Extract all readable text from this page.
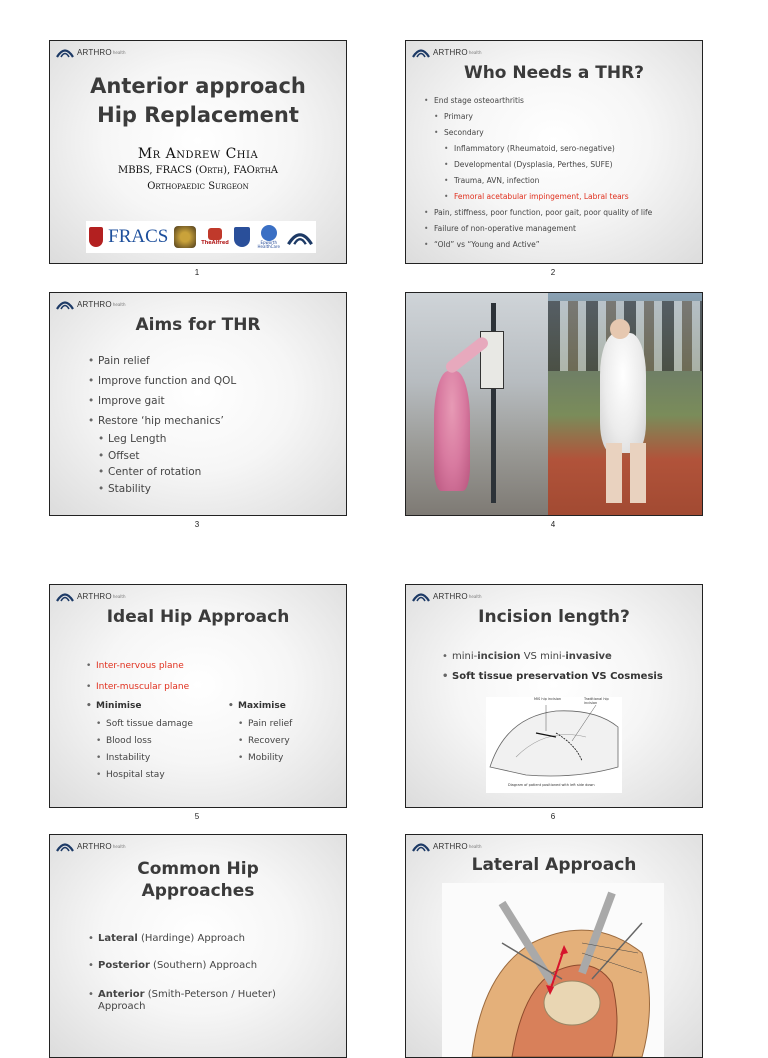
ARTHRO health
Anterior approach
Hip Replacement
Mr Andrew Chia
MBBS, FRACS (Orth), FAOrthA
Orthopaedic Surgeon
FRACS	TheAlfred	Epworth HealthCare
1
ARTHRO health
Who Needs a THR?
• End stage osteoarthritis
• Primary
• Secondary
• Inflammatory (Rheumatoid, sero-negative)
• Developmental (Dysplasia, Perthes, SUFE)
• Trauma, AVN, infection
• Femoral acetabular impingement, Labral tears
• Pain, stiffness, poor function, poor gait, poor quality of life
• Failure of non-operative management
• “Old” vs “Young and Active”
2
ARTHRO health
Aims for THR
• Pain relief
• Improve function and QOL
• Improve gait
• Restore ‘hip mechanics’
• Leg Length
• Offset
• Center of rotation
• Stability
3	4
ARTHRO health
Ideal Hip Approach
• Inter-nervous plane
• Inter-muscular plane
• Minimise
• Soft tissue damage
• Blood loss
• Instability
• Hospital stay
• Maximise
• Pain relief
• Recovery
• Mobility
5
ARTHRO health
Incision length?
• mini-incision VS mini-invasive
• Soft tissue preservation VS Cosmesis
MIS hip incision	Traditional hip incision
Diagram of patient positioned with left side down
6
ARTHRO health
Common Hip
Approaches
• Lateral (Hardinge) Approach
• Posterior (Southern) Approach
• Anterior (Smith-Peterson / Hueter)
Approach
ARTHRO health
Lateral Approach
